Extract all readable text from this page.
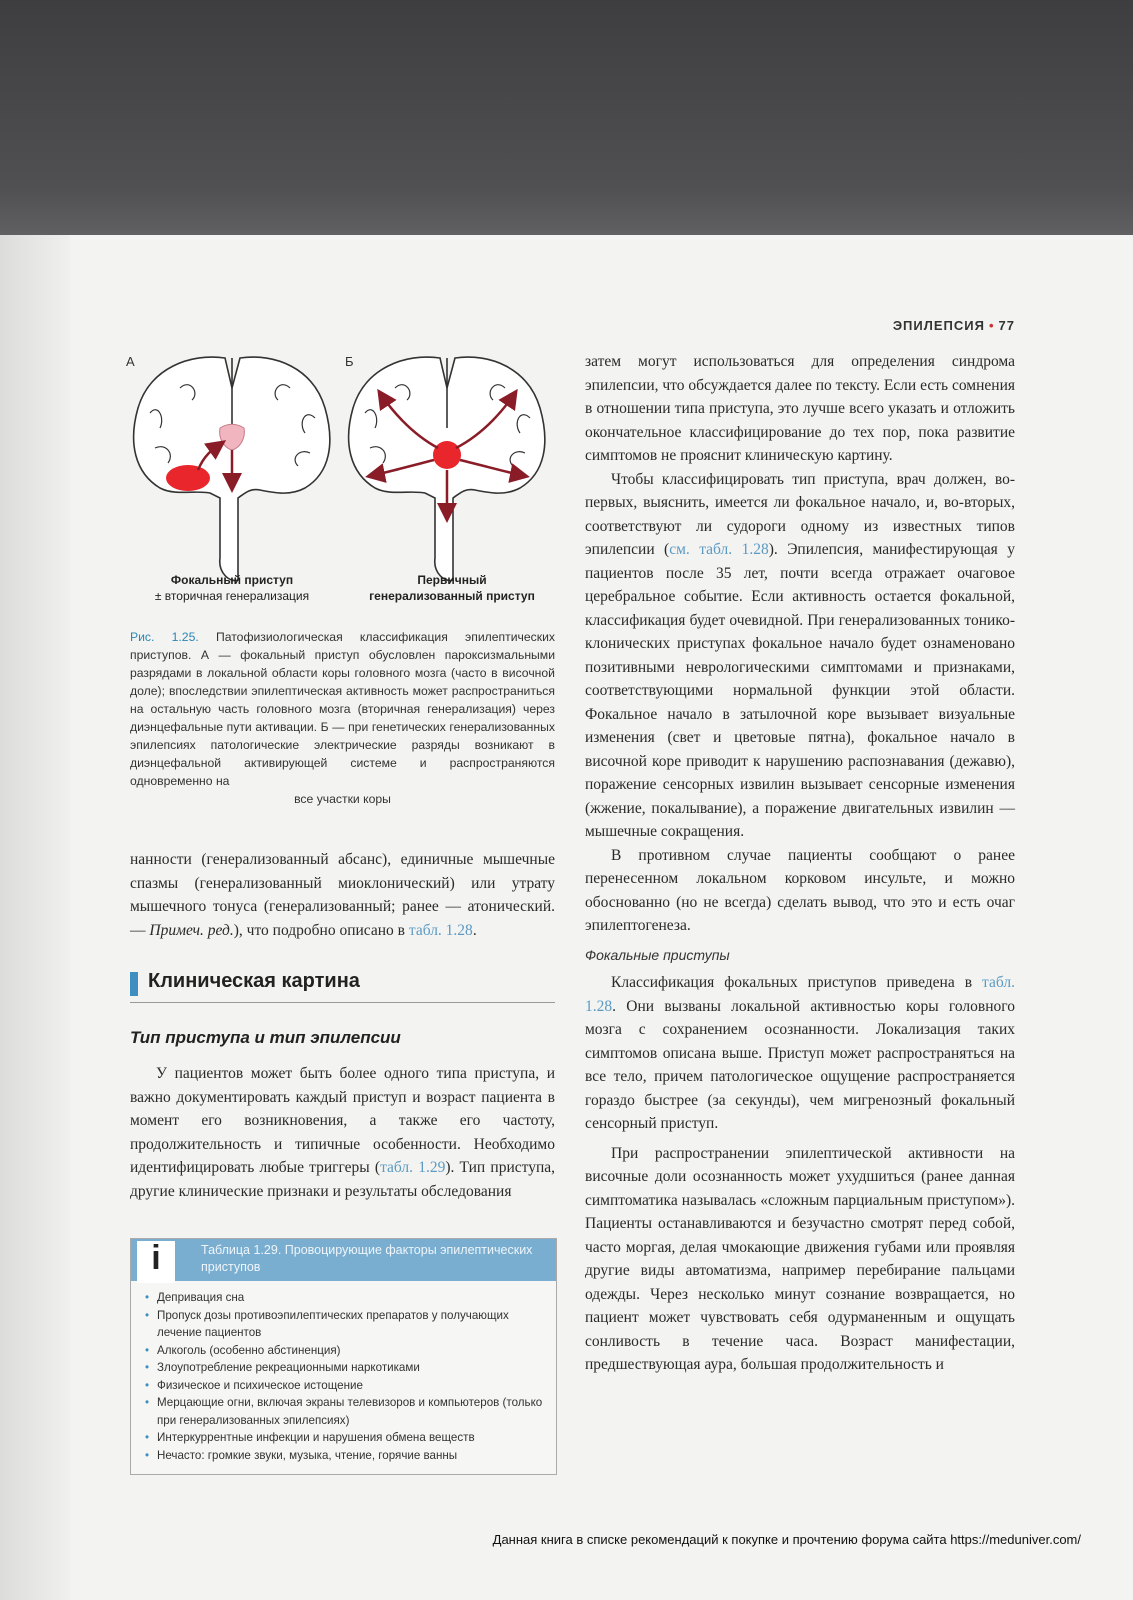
ЭПИЛЕПСИЯ • 77
А	Б
Фокальный приступ
± вторичная генерализация
Первичный
генерализованный приступ
Рис. 1.25. Патофизиологическая классификация эпилептических приступов. А — фокальный приступ обусловлен пароксизмальными разрядами в локальной области коры головного мозга (часто в височной доле); впоследствии эпилептическая активность может распространиться на остальную часть головного мозга (вторичная генерализация) через диэнцефальные пути активации. Б — при генетических генерализованных эпилепсиях патологические электрические разряды возникают в диэнцефальной активирующей системе и распространяются одновременно на
все участки коры

нанности (генерализованный абсанс), единичные мышечные спазмы (генерализованный миоклонический) или утрату мышечного тонуса (генерализованный; ранее — атонический. — Примеч. ред.), что подробно описано в табл. 1.28.

Клиническая картина
Тип приступа и тип эпилепсии

У пациентов может быть более одного типа приступа, и важно документировать каждый приступ и возраст пациента в момент его возникновения, а также его частоту, продолжительность и типичные особенности. Необходимо идентифицировать любые триггеры (табл. 1.29). Тип приступа, другие клинические признаки и результаты обследования

Таблица 1.29. Провоцирующие факторы эпилептических приступов
i
• Депривация сна
• Пропуск дозы противоэпилептических препаратов у получающих лечение пациентов
• Алкоголь (особенно абстиненция)
• Злоупотребление рекреационными наркотиками
• Физическое и психическое истощение
• Мерцающие огни, включая экраны телевизоров и компьютеров (только при генерализованных эпилепсиях)
• Интеркуррентные инфекции и нарушения обмена веществ
• Нечасто: громкие звуки, музыка, чтение, горячие ванны

затем могут использоваться для определения синдрома эпилепсии, что обсуждается далее по тексту. Если есть сомнения в отношении типа приступа, это лучше всего указать и отложить окончательное классифицирование до тех пор, пока развитие симптомов не прояснит клиническую картину.

Чтобы классифицировать тип приступа, врач должен, во-первых, выяснить, имеется ли фокальное начало, и, во-вторых, соответствуют ли судороги одному из известных типов эпилепсии (см. табл. 1.28). Эпилепсия, манифестирующая у пациентов после 35 лет, почти всегда отражает очаговое церебральное событие. Если активность остается фокальной, классификация будет очевидной. При генерализованных тонико-клонических приступах фокальное начало будет ознаменовано позитивными неврологическими симптомами и признаками, соответствующими нормальной функции этой области. Фокальное начало в затылочной коре вызывает визуальные изменения (свет и цветовые пятна), фокальное начало в височной коре приводит к нарушению распознавания (дежавю), поражение сенсорных извилин вызывает сенсорные изменения (жжение, покалывание), а поражение двигательных извилин — мышечные сокращения.

В противном случае пациенты сообщают о ранее перенесенном локальном корковом инсульте, и можно обоснованно (но не всегда) сделать вывод, что это и есть очаг эпилептогенеза.

Фокальные приступы

Классификация фокальных приступов приведена в табл. 1.28. Они вызваны локальной активностью коры головного мозга с сохранением осознанности. Локализация таких симптомов описана выше. Приступ может распространяться на все тело, причем патологическое ощущение распространяется гораздо быстрее (за секунды), чем мигренозный фокальный сенсорный приступ.

При распространении эпилептической активности на височные доли осознанность может ухудшиться (ранее данная симптоматика называлась «сложным парциальным приступом»). Пациенты останавливаются и безучастно смотрят перед собой, часто моргая, делая чмокающие движения губами или проявляя другие виды автоматизма, например перебирание пальцами одежды. Через несколько минут сознание возвращается, но пациент может чувствовать себя одурманенным и ощущать сонливость в течение часа. Возраст манифестации, предшествующая аура, большая продолжительность и

Данная книга в списке рекомендаций к покупке и прочтению форума сайта https://meduniver.com/
